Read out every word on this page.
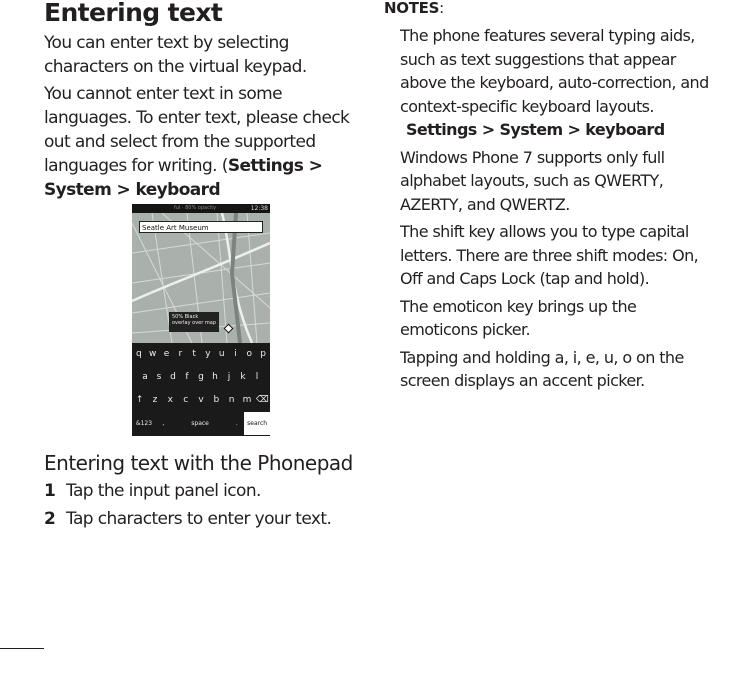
Entering text

You can enter text by selecting characters on the virtual keypad.

You cannot enter text in some languages. To enter text, please check out and select from the supported languages for writing. (Settings > System > keyboard

ful · 80% opacity	12:38
Seatle Art Museum
50% Black overlay over map
q w e	r	t	y u	i	o p
a s d	f	g h	j	k	l
↑	z	x	c	v	b	n m ⌫
&123	,	space	.	search
Entering text with the Phonepad
1 Tap the input panel icon.
2 Tap characters to enter your text.
NOTES:

The phone features several typing aids, such as text suggestions that appear above the keyboard, auto-correction, and context-specific keyboard layouts.
Settings > System > keyboard

Windows Phone 7 supports only full alphabet layouts, such as QWERTY, AZERTY, and QWERTZ.

The shift key allows you to type capital letters. There are three shift modes: On, Off and Caps Lock (tap and hold).

The emoticon key brings up the emoticons picker.

Tapping and holding a, i, e, u, o on the screen displays an accent picker.
